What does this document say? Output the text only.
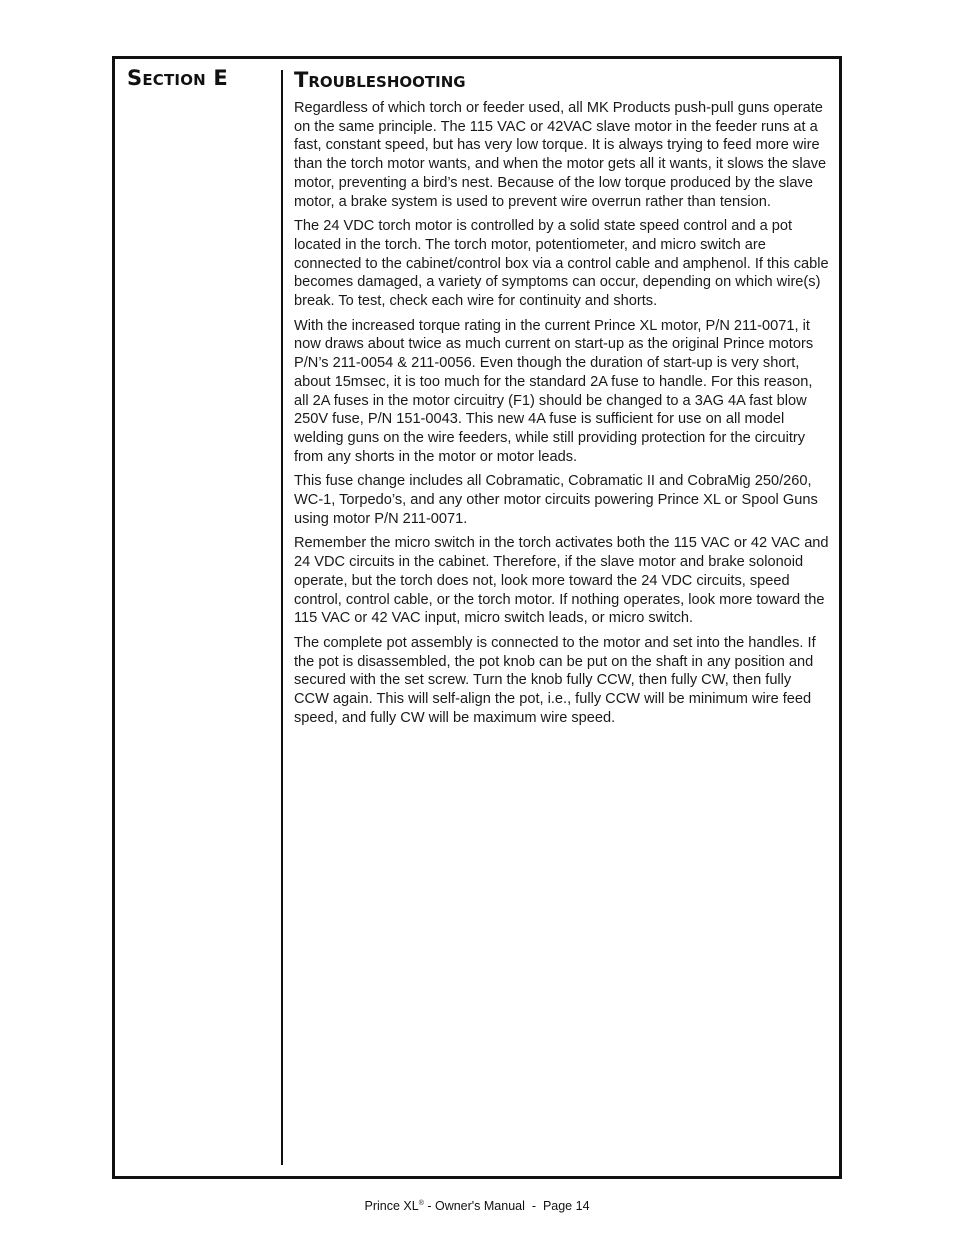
Section E	Troubleshooting

Regardless of which torch or feeder used, all MK Products push-pull guns operate on the same principle. The 115 VAC or 42VAC slave motor in the feeder runs at a fast, constant speed, but has very low torque. It is always trying to feed more wire than the torch motor wants, and when the motor gets all it wants, it slows the slave motor, preventing a bird’s nest. Because of the low torque produced by the slave motor, a brake system is used to prevent wire overrun rather than tension.

The 24 VDC torch motor is controlled by a solid state speed control and a pot located in the torch. The torch motor, potentiometer, and micro switch are connected to the cabinet/control box via a control cable and amphenol. If this cable becomes damaged, a variety of symptoms can occur, depending on which wire(s) break. To test, check each wire for continuity and shorts.

With the increased torque rating in the current Prince XL motor, P/N 211-0071, it now draws about twice as much current on start-up as the original Prince motors P/N’s 211-0054 & 211-0056. Even though the duration of start-up is very short, about 15msec, it is too much for the standard 2A fuse to handle. For this reason, all 2A fuses in the motor circuitry (F1) should be changed to a 3AG 4A fast blow 250V fuse, P/N 151-0043. This new 4A fuse is sufficient for use on all model welding guns on the wire feeders, while still providing protection for the circuitry from any shorts in the motor or motor leads.

This fuse change includes all Cobramatic, Cobramatic II and CobraMig 250/260, WC-1, Torpedo’s, and any other motor circuits powering Prince XL or Spool Guns using motor P/N 211-0071.

Remember the micro switch in the torch activates both the 115 VAC or 42 VAC and 24 VDC circuits in the cabinet. Therefore, if the slave motor and brake solonoid operate, but the torch does not, look more toward the 24 VDC circuits, speed control, control cable, or the torch motor. If nothing operates, look more toward the 115 VAC or 42 VAC input, micro switch leads, or micro switch.

The complete pot assembly is connected to the motor and set into the handles. If the pot is disassembled, the pot knob can be put on the shaft in any position and secured with the set screw. Turn the knob fully CCW, then fully CW, then fully CCW again. This will self-align the pot, i.e., fully CCW will be minimum wire feed speed, and fully CW will be maximum wire speed.

Prince XL® - Owner's Manual  -  Page 14
